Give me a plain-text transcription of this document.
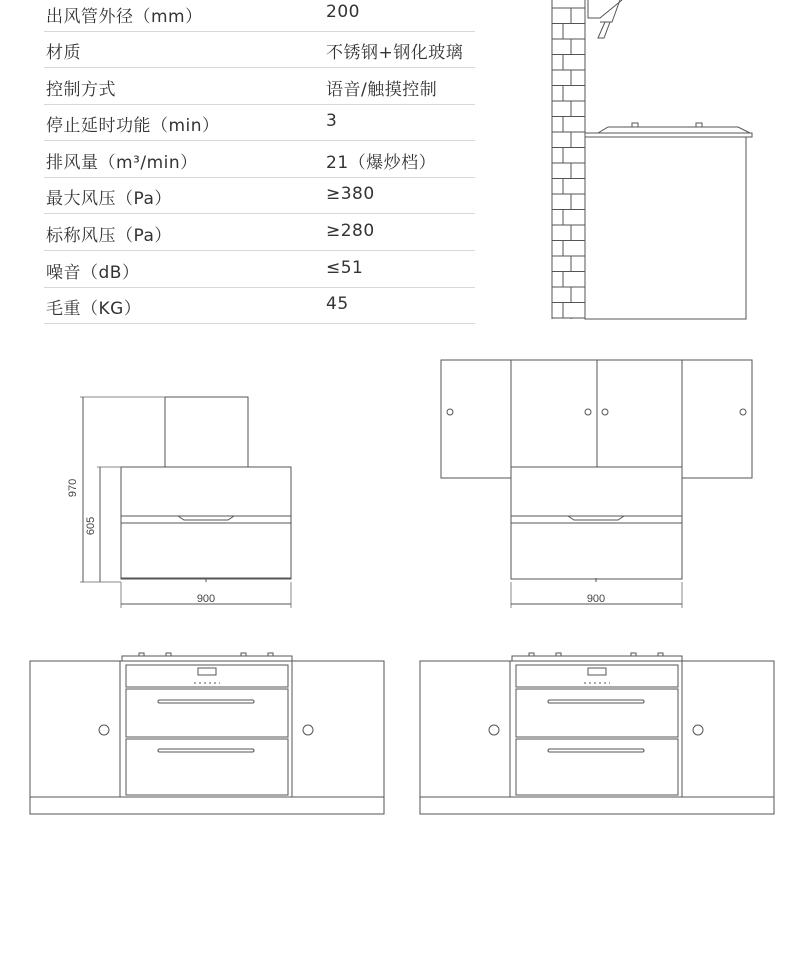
出风管外径（mm）	200
材质	不锈钢+钢化玻璃
控制方式	语音/触摸控制
停止延时功能（min）	3
排风量（m³/min）	21（爆炒档）
最大风压（Pa）	≥380
标称风压（Pa）	≥280
噪音（dB）	≤51
毛重（KG）	45
970
605
900	900
